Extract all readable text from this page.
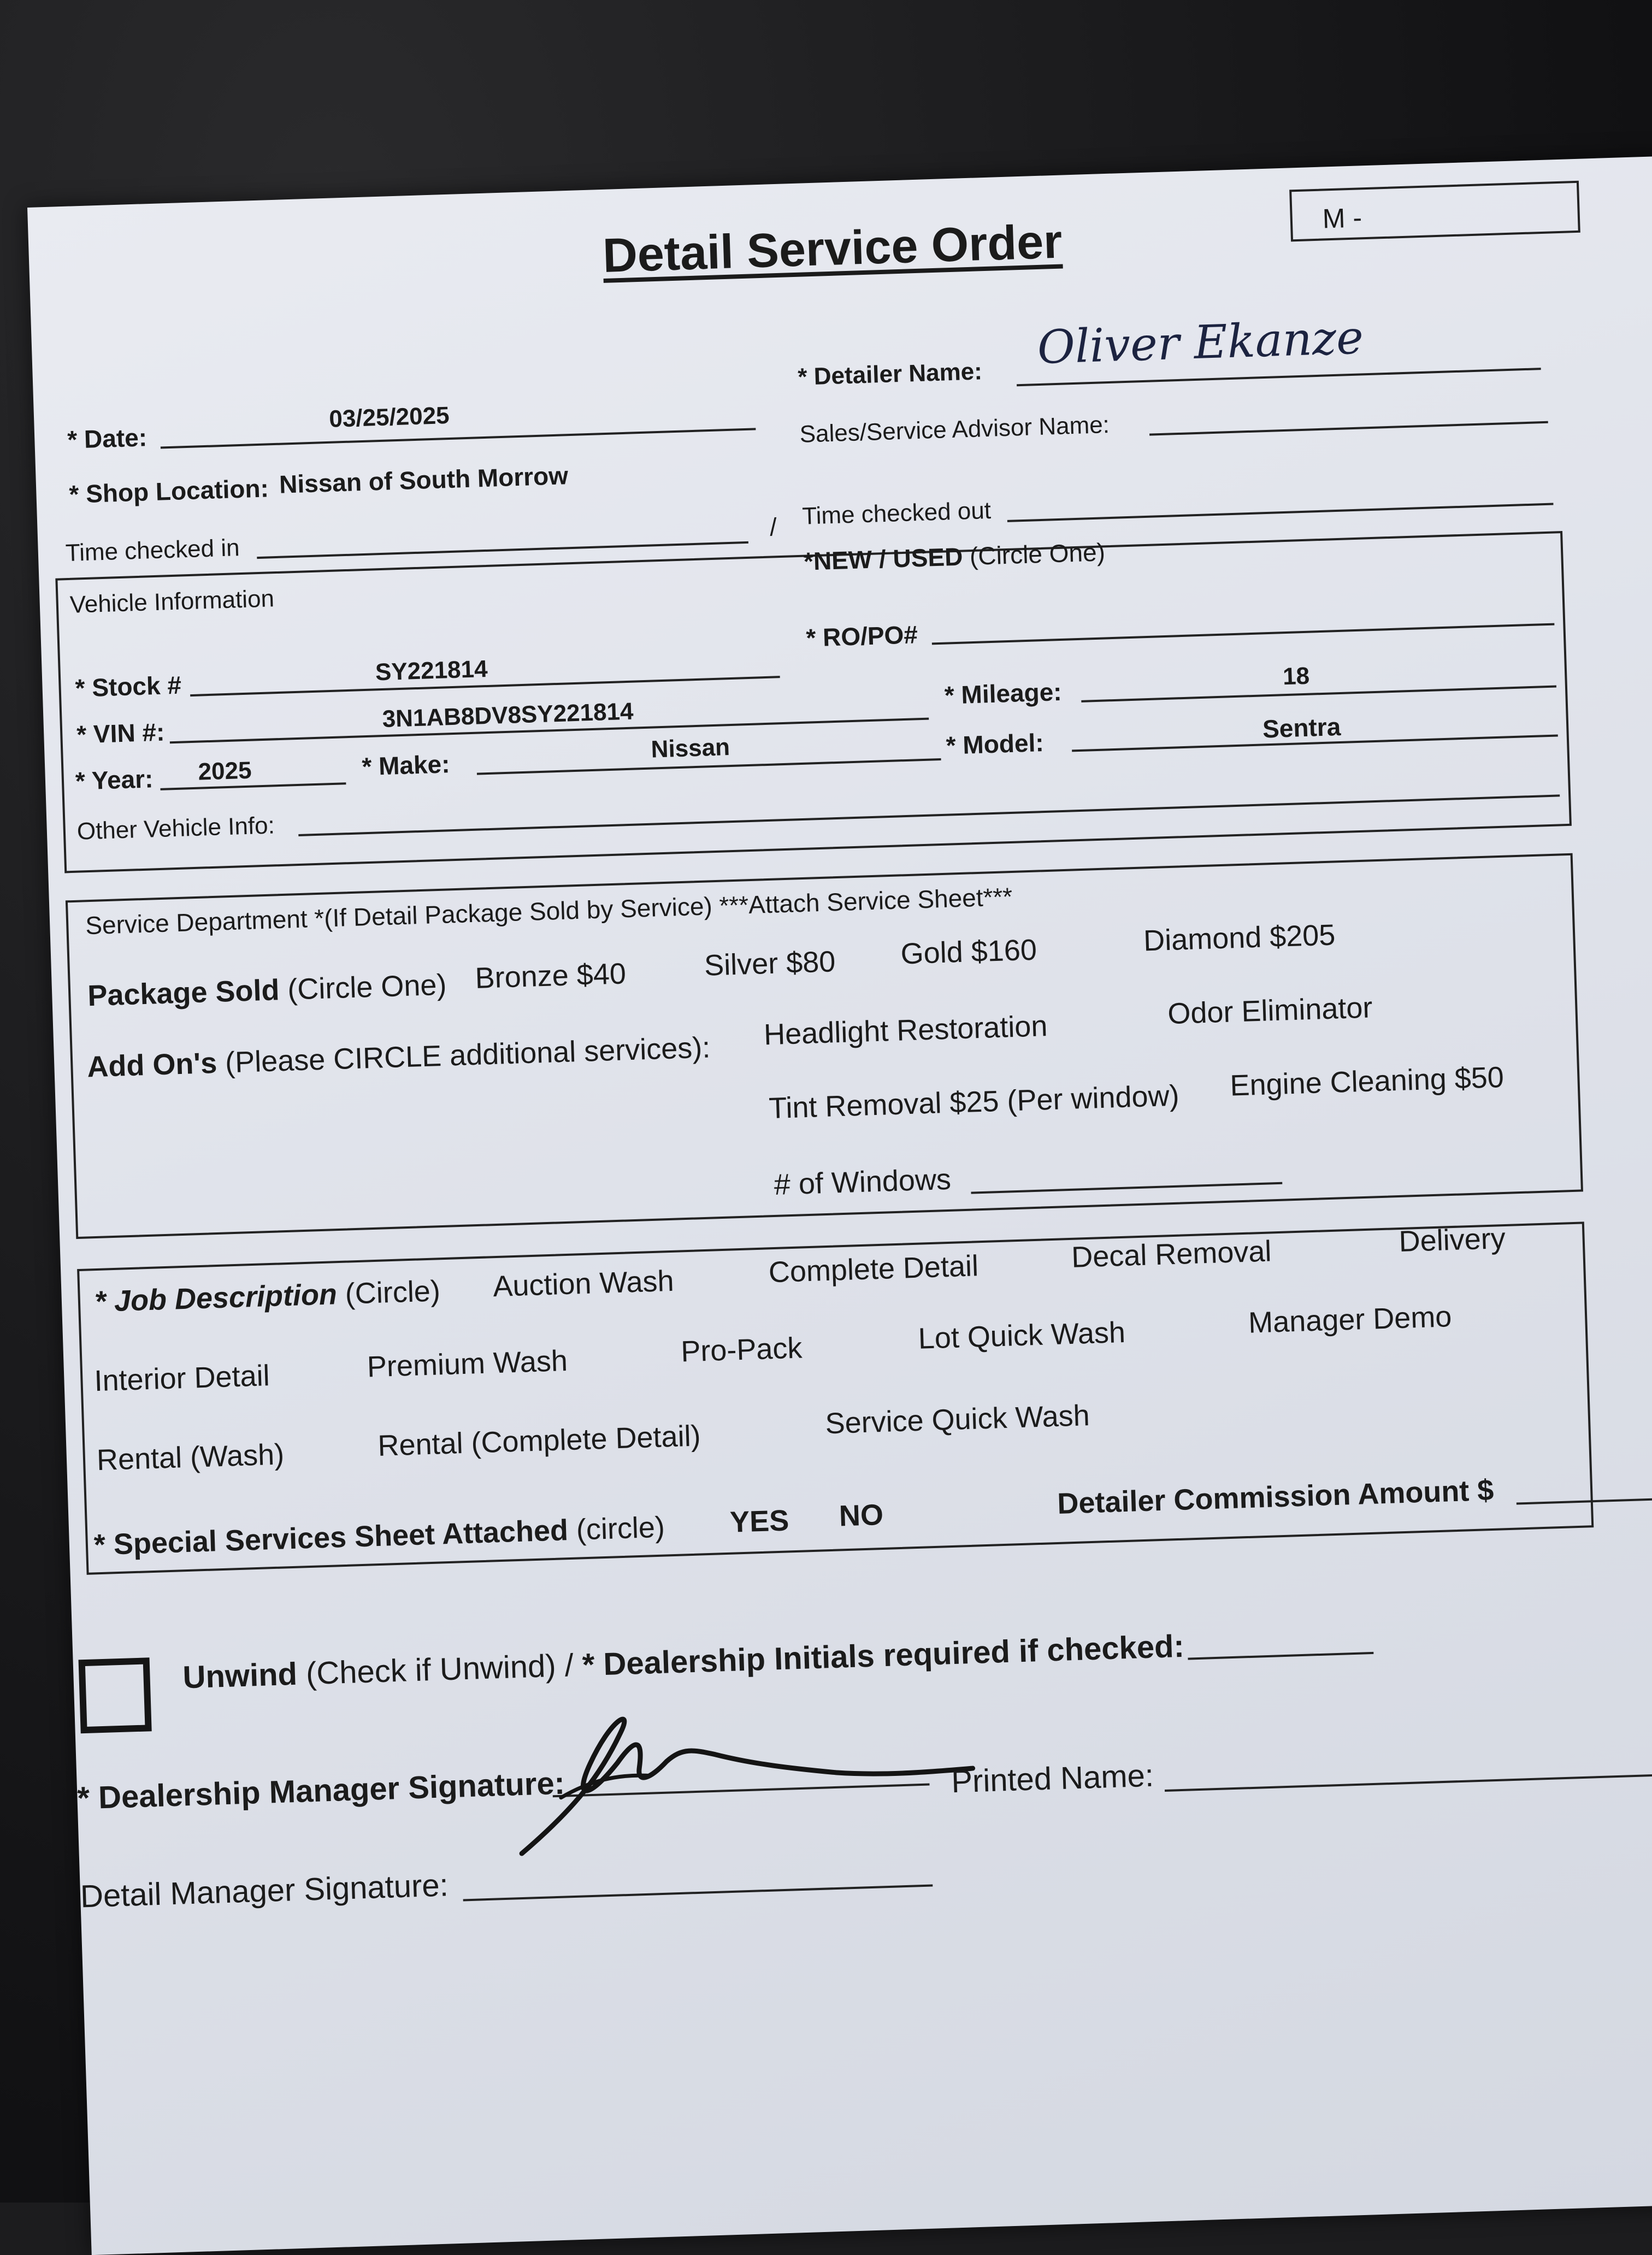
Detail Service Order	M -
* Date:
03/25/2025
* Detailer Name:
Oliver Ekanze
Sales/Service Advisor Name:
* Shop Location: Nissan of South Morrow
Time checked in
/ Time checked out
Vehicle Information
*NEW / USED (Circle One)
* RO/PO#
* Stock #	SY221814
* VIN #:
3N1AB8DV8SY221814
* Mileage:
18
* Year: 2025	* Make:
Nissan	* Model:
Sentra
Other Vehicle Info:
Service Department *(If Detail Package Sold by Service) ***Attach Service Sheet***
Package Sold (Circle One) Bronze $40	Silver $80 Gold $160	Diamond $205
Add On's (Please CIRCLE additional services):
Headlight Restoration	Odor Eliminator
Tint Removal $25 (Per window) Engine Cleaning $50
# of Windows
* Job Description (Circle) Auction Wash	Complete Detail	Decal Removal	Delivery
Interior Detail	Premium Wash	Pro-Pack	Lot Quick Wash	Manager Demo
Rental (Wash)	Rental (Complete Detail)	Service Quick Wash
* Special Services Sheet Attached (circle) YES NO	Detailer Commission Amount $
Unwind (Check if Unwind) / * Dealership Initials required if checked:
* Dealership Manager Signature:	Printed Name:
Detail Manager Signature:
